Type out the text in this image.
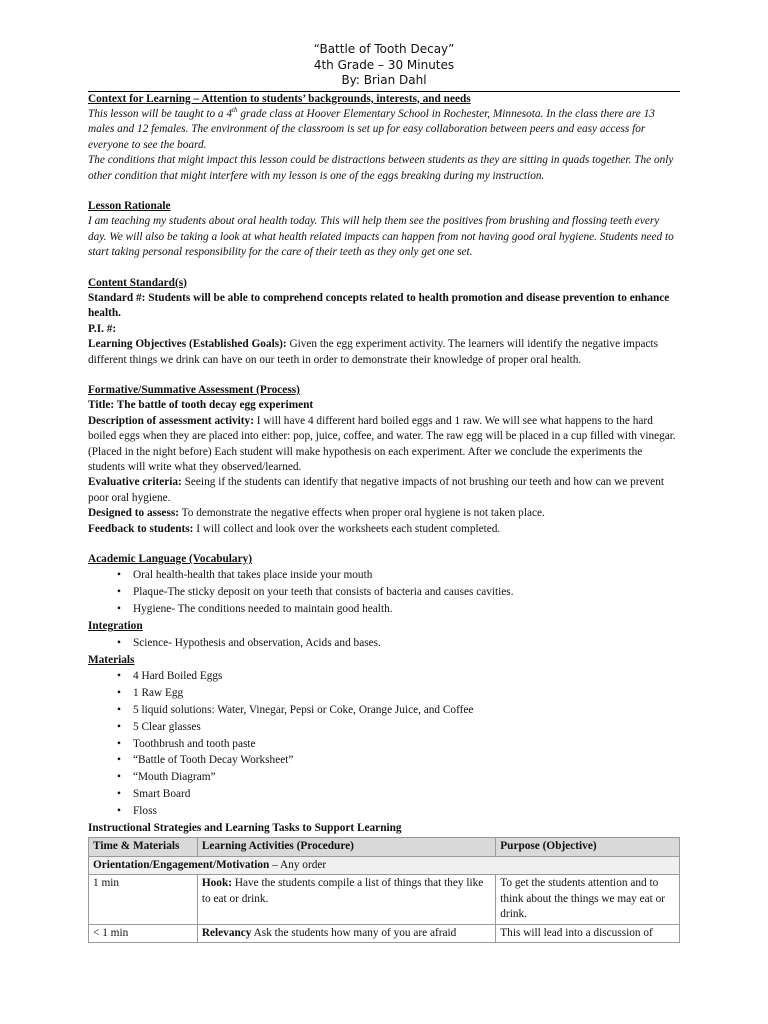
“Battle of Tooth Decay”
4th Grade – 30 Minutes
By: Brian Dahl

Context for Learning – Attention to students’ backgrounds, interests, and needs

This lesson will be taught to a 4th grade class at Hoover Elementary School in Rochester, Minnesota. In the class there are 13 males and 12 females. The environment of the classroom is set up for easy collaboration between peers and easy access for everyone to see the board.

The conditions that might impact this lesson could be distractions between students as they are sitting in quads together. The only other condition that might interfere with my lesson is one of the eggs breaking during my instruction.

Lesson Rationale

I am teaching my students about oral health today. This will help them see the positives from brushing and flossing teeth every day. We will also be taking a look at what health related impacts can happen from not having good oral hygiene. Students need to start taking personal responsibility for the care of their teeth as they only get one set.

Content Standard(s)

Standard #: Students will be able to comprehend concepts related to health promotion and disease prevention to enhance health.

P.I. #:

Learning Objectives (Established Goals): Given the egg experiment activity. The learners will identify the negative impacts different things we drink can have on our teeth in order to demonstrate their knowledge of proper oral health.

Formative/Summative Assessment (Process)

Title: The battle of tooth decay egg experiment

Description of assessment activity: I will have 4 different hard boiled eggs and 1 raw. We will see what happens to the hard boiled eggs when they are placed into either: pop, juice, coffee, and water. The raw egg will be placed in a cup filled with vinegar. (Placed in the night before) Each student will make hypothesis on each experiment. After we conclude the experiments the students will write what they observed/learned.

Evaluative criteria: Seeing if the students can identify that negative impacts of not brushing our teeth and how can we prevent poor oral hygiene.

Designed to assess: To demonstrate the negative effects when proper oral hygiene is not taken place.

Feedback to students: I will collect and look over the worksheets each student completed.

Academic Language (Vocabulary)

• Oral health-health that takes place inside your mouth
• Plaque-The sticky deposit on your teeth that consists of bacteria and causes cavities.
• Hygiene- The conditions needed to maintain good health.

Integration

• Science- Hypothesis and observation, Acids and bases.

Materials

• 4 Hard Boiled Eggs
• 1 Raw Egg
• 5 liquid solutions: Water, Vinegar, Pepsi or Coke, Orange Juice, and Coffee
• 5 Clear glasses
• Toothbrush and tooth paste
• “Battle of Tooth Decay Worksheet”
• “Mouth Diagram”
• Smart Board
• Floss

Instructional Strategies and Learning Tasks to Support Learning

Time & Materials	Learning Activities (Procedure)	Purpose (Objective)
Orientation/Engagement/Motivation – Any order		
1 min	Hook: Have the students compile a list of things that they like to eat or drink.	To get the students attention and to think about the things we may eat or drink.
< 1 min	Relevancy Ask the students how many of you are afraid	This will lead into a discussion of
